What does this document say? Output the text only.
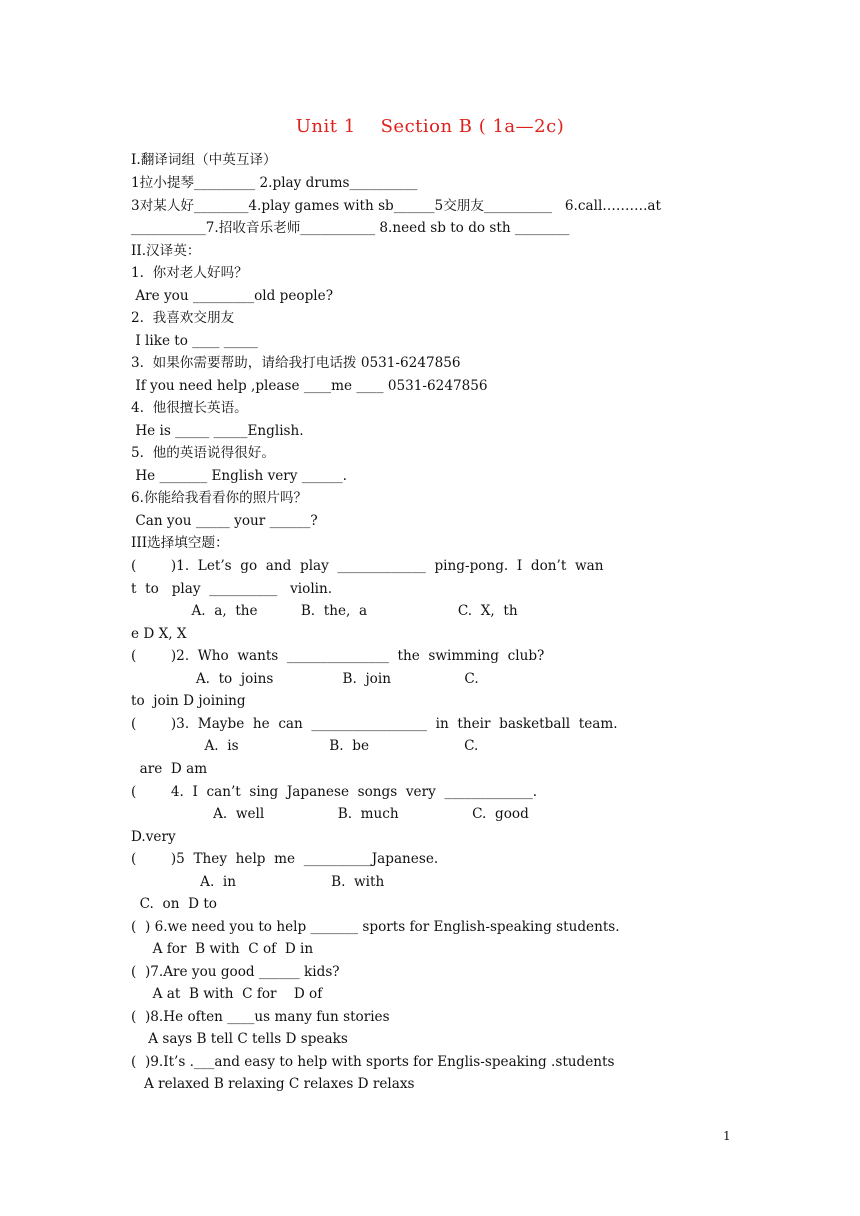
Unit 1    Section B ( 1a—2c)
I.翻译词组（中英互译）
1拉小提琴_________ 2.play drums__________
3对某人好________4.play games with sb______5交朋友__________   6.call……….at
___________7.招收音乐老师___________ 8.need sb to do sth ________
II.汉译英：
1.  你对老人好吗？
Are you _________old people?
2.  我喜欢交朋友
I like to ____ _____
3.  如果你需要帮助，请给我打电话拨 0531-6247856
If you need help ,please ____me ____ 0531-6247856
4.  他很擅长英语。
He is _____ _____English.
5.  他的英语说得很好。
He _______ English very ______.
6.你能给我看看你的照片吗？
Can you _____ your ______?
III选择填空题：
(        )1.  Let’s  go  and  play  _____________  ping-pong.  I  don’t  wan
t  to   play  __________   violin.
A.  a,  the          B.  the,  a                     C.  X,  th
e D X, X
(        )2.  Who  wants  _______________  the  swimming  club?
A.  to  joins                B.  join                 C.
to  join D joining
(        )3.  Maybe  he  can  _________________  in  their  basketball  team.
A.  is                     B.  be                      C.
are  D am
(        4.  I  can’t  sing  Japanese  songs  very  _____________.
A.  well                 B.  much                 C.  good
D.very
(        )5  They  help  me  __________Japanese.
A.  in                      B.  with
C.  on  D to
(  ) 6.we need you to help _______ sports for English-speaking students.
A for  B with  C of  D in
(  )7.Are you good ______ kids?
A at  B with  C for    D of
(  )8.He often ____us many fun stories
A says B tell C tells D speaks
(  )9.It’s .___and easy to help with sports for Englis-speaking .students
A relaxed B relaxing C relaxes D relaxs
1
